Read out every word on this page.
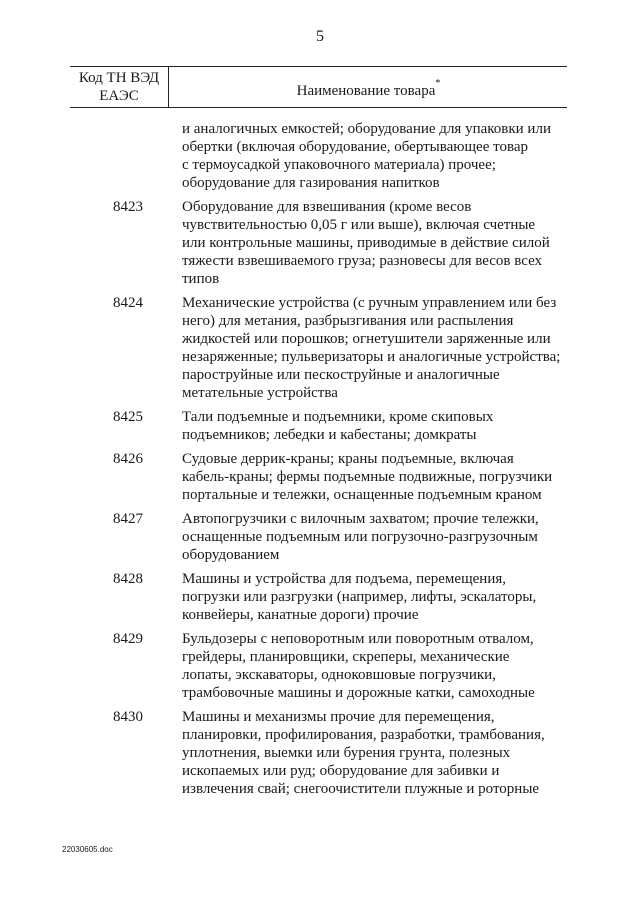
5
Код ТН ВЭД
ЕАЭС	Наименование товара*
и аналогичных емкостей; оборудование для упаковки или
обертки (включая оборудование, обертывающее товар
с термоусадкой упаковочного материала) прочее;
оборудование для газирования напитков
8423	Оборудование для взвешивания (кроме весов
чувствительностью 0,05 г или выше), включая счетные
или контрольные машины, приводимые в действие силой
тяжести взвешиваемого груза; разновесы для весов всех
типов
8424	Механические устройства (с ручным управлением или без
него) для метания, разбрызгивания или распыления
жидкостей или порошков; огнетушители заряженные или
незаряженные; пульверизаторы и аналогичные устройства;
пароструйные или пескоструйные и аналогичные
метательные устройства
8425	Тали подъемные и подъемники, кроме скиповых
подъемников; лебедки и кабестаны; домкраты
8426	Судовые деррик-краны; краны подъемные, включая
кабель-краны; фермы подъемные подвижные, погрузчики
портальные и тележки, оснащенные подъемным краном
8427	Автопогрузчики с вилочным захватом; прочие тележки,
оснащенные подъемным или погрузочно-разгрузочным
оборудованием
8428	Машины и устройства для подъема, перемещения,
погрузки или разгрузки (например, лифты, эскалаторы,
конвейеры, канатные дороги) прочие
8429	Бульдозеры с неповоротным или поворотным отвалом,
грейдеры, планировщики, скреперы, механические
лопаты, экскаваторы, одноковшовые погрузчики,
трамбовочные машины и дорожные катки, самоходные
8430	Машины и механизмы прочие для перемещения,
планировки, профилирования, разработки, трамбования,
уплотнения, выемки или бурения грунта, полезных
ископаемых или руд; оборудование для забивки и
извлечения свай; снегоочистители плужные и роторные
22030605.doc
